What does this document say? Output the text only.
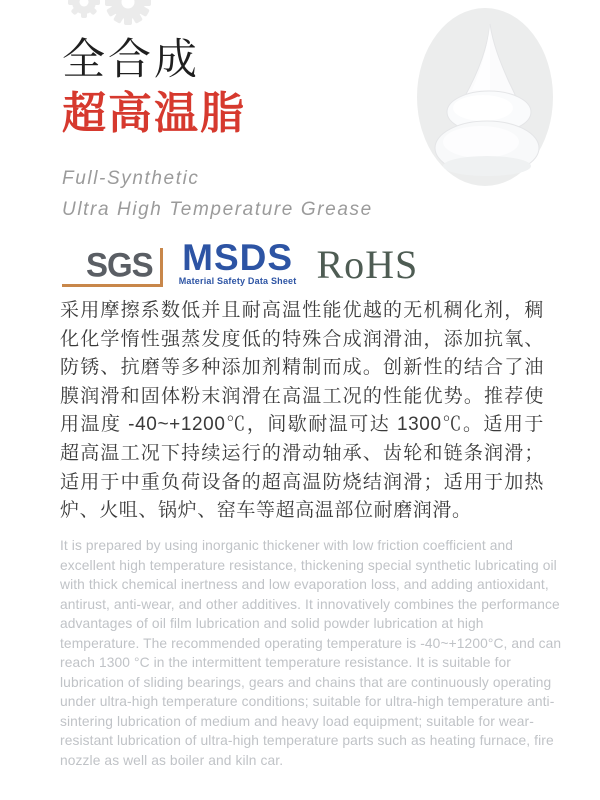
全合成
超高温脂

Full-Synthetic

Ultra High Temperature Grease

SGS MSDS
Material Safety Data Sheet RoHS

采用摩擦系数低并且耐高温性能优越的无机稠化剂，稠化化学惰性强蒸发度低的特殊合成润滑油，添加抗氧、防锈、抗磨等多种添加剂精制而成。创新性的结合了油膜润滑和固体粉末润滑在高温工况的性能优势。推荐使用温度 -40~+1200℃，间歇耐温可达 1300℃。适用于超高温工况下持续运行的滑动轴承、齿轮和链条润滑；适用于中重负荷设备的超高温防烧结润滑；适用于加热炉、火咀、锅炉、窑车等超高温部位耐磨润滑。

It is prepared by using inorganic thickener with low friction coefficient and excellent high temperature resistance, thickening special synthetic lubricating oil with thick chemical inertness and low evaporation loss, and adding antioxidant, antirust, anti-wear, and other additives. It innovatively combines the performance advantages of oil film lubrication and solid powder lubrication at high temperature. The recommended operating temperature is -40~+1200°C, and can reach 1300 °C in the intermittent temperature resistance. It is suitable for lubrication of sliding bearings, gears and chains that are continuously operating under ultra-high temperature conditions; suitable for ultra-high temperature anti-sintering lubrication of medium and heavy load equipment; suitable for wear-resistant lubrication of ultra-high temperature parts such as heating furnace, fire nozzle as well as boiler and kiln car.
